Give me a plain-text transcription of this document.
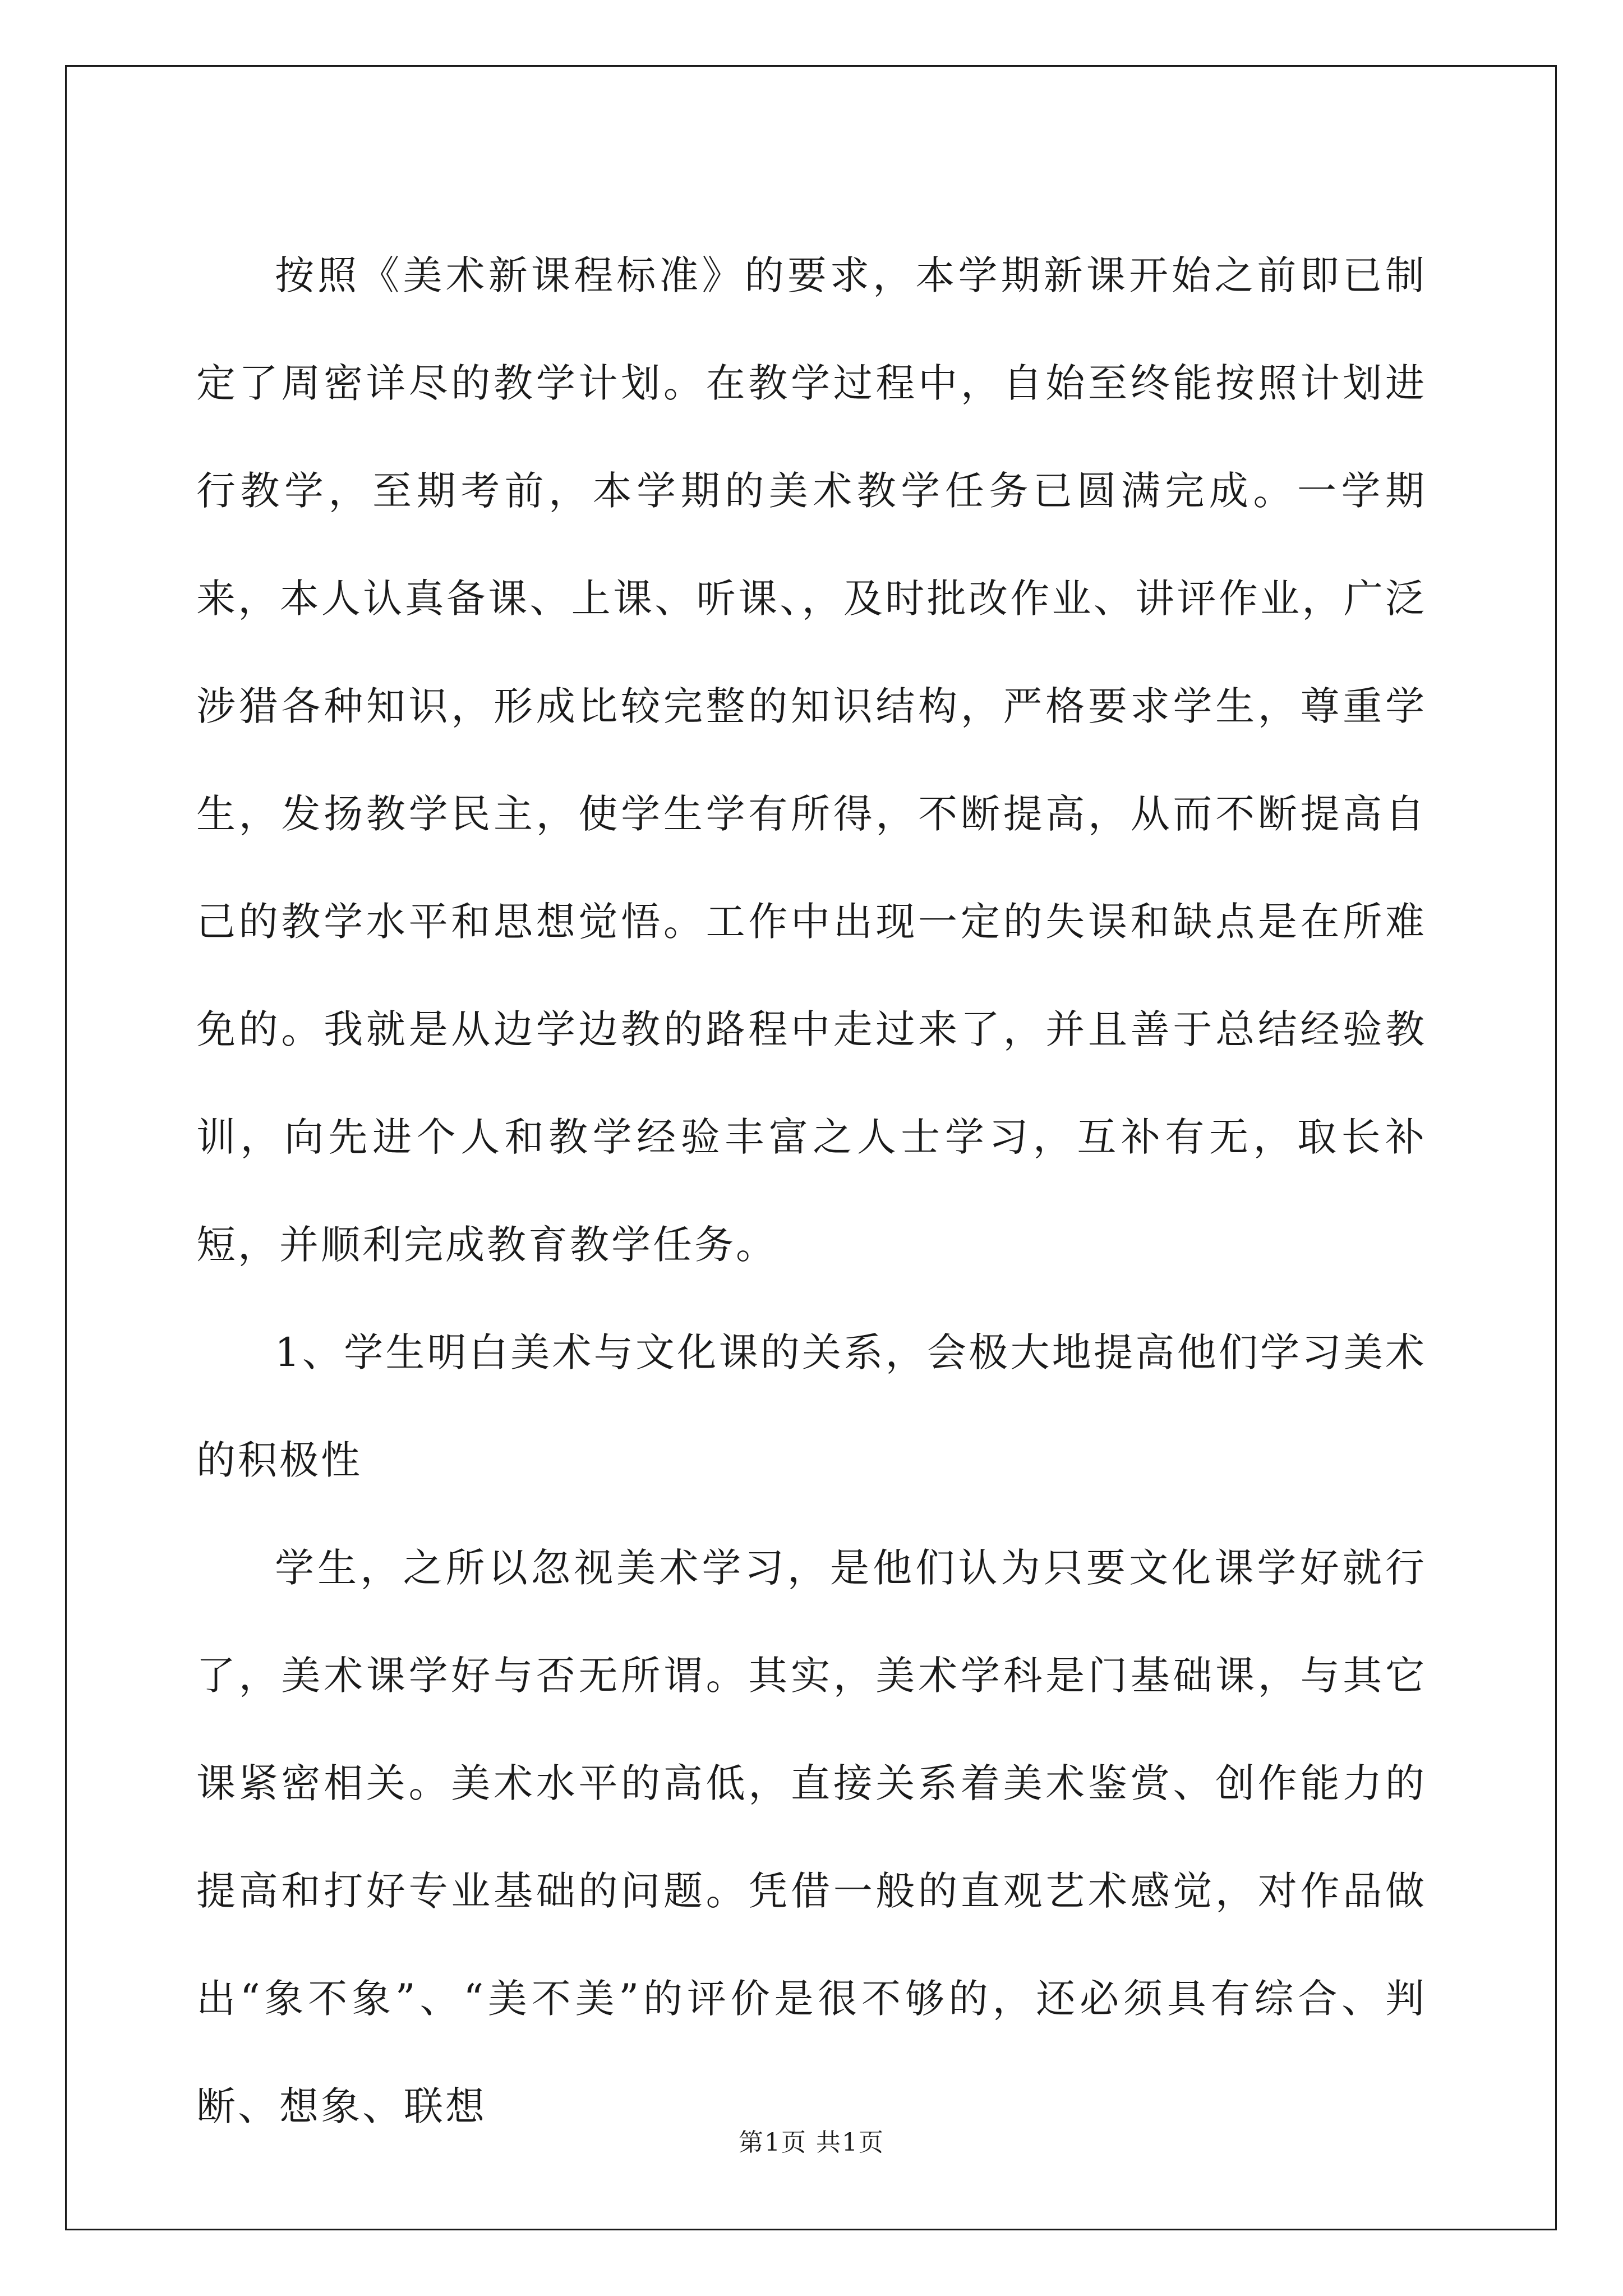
按照《美术新课程标准》的要求，本学期新课开始之前即已制定了周密详尽的教学计划。在教学过程中，自始至终能按照计划进行教学，至期考前，本学期的美术教学任务已圆满完成。一学期来，本人认真备课、上课、听课、，及时批改作业、讲评作业，广泛涉猎各种知识，形成比较完整的知识结构，严格要求学生，尊重学生，发扬教学民主，使学生学有所得，不断提高，从而不断提高自己的教学水平和思想觉悟。工作中出现一定的失误和缺点是在所难免的。我就是从边学边教的路程中走过来了，并且善于总结经验教训，向先进个人和教学经验丰富之人士学习，互补有无，取长补短，并顺利完成教育教学任务。

1、学生明白美术与文化课的关系，会极大地提高他们学习美术的积极性

学生，之所以忽视美术学习，是他们认为只要文化课学好就行了，美术课学好与否无所谓。其实，美术学科是门基础课，与其它课紧密相关。美术水平的高低，直接关系着美术鉴赏、创作能力的提高和打好专业基础的问题。凭借一般的直观艺术感觉，对作品做出“象不象”、“美不美”的评价是很不够的，还必须具有综合、判断、想象、联想

第1页 共1页
